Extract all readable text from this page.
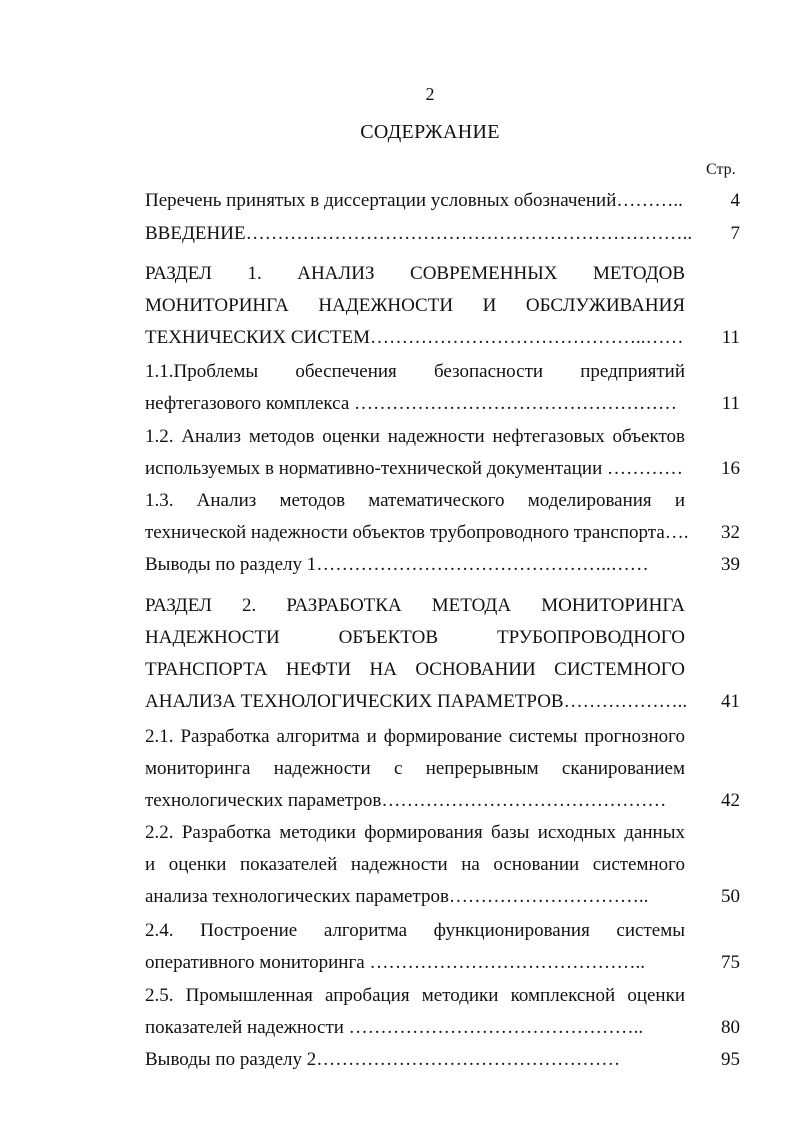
2
СОДЕРЖАНИЕ
Стр.
Перечень принятых в диссертации условных обозначений………..	4
ВВЕДЕНИЕ……………………………………………………………..	7
РАЗДЕЛ 1. АНАЛИЗ СОВРЕМЕННЫХ МЕТОДОВ
МОНИТОРИНГА НАДЕЖНОСТИ И ОБСЛУЖИВАНИЯ
ТЕХНИЧЕСКИХ СИСТЕМ……………………………………..……	11
1.1.Проблемы обеспечения безопасности предприятий
нефтегазового комплекса ……………………………………………	11
1.2. Анализ методов оценки надежности нефтегазовых объектов
используемых в нормативно-технической документации …………	16
1.3. Анализ методов математического моделирования и
технической надежности объектов трубопроводного транспорта….	32
Выводы по разделу 1………………………………………..……	39
РАЗДЕЛ 2. РАЗРАБОТКА МЕТОДА МОНИТОРИНГА
НАДЕЖНОСТИ ОБЪЕКТОВ ТРУБОПРОВОДНОГО
ТРАНСПОРТА НЕФТИ НА ОСНОВАНИИ СИСТЕМНОГО
АНАЛИЗА ТЕХНОЛОГИЧЕСКИХ ПАРАМЕТРОВ………………..	41
2.1. Разработка алгоритма и формирование системы прогнозного
мониторинга надежности с непрерывным сканированием
технологических параметров………………………………………	42
2.2. Разработка методики формирования базы исходных данных
и оценки показателей надежности на основании системного
анализа технологических параметров…………………………..	50
2.4. Построение алгоритма функционирования системы
оперативного мониторинга ……………………………………..	75
2.5. Промышленная апробация методики комплексной оценки
показателей надежности ………………………………………..	80
Выводы по разделу 2…………………………………………	95
